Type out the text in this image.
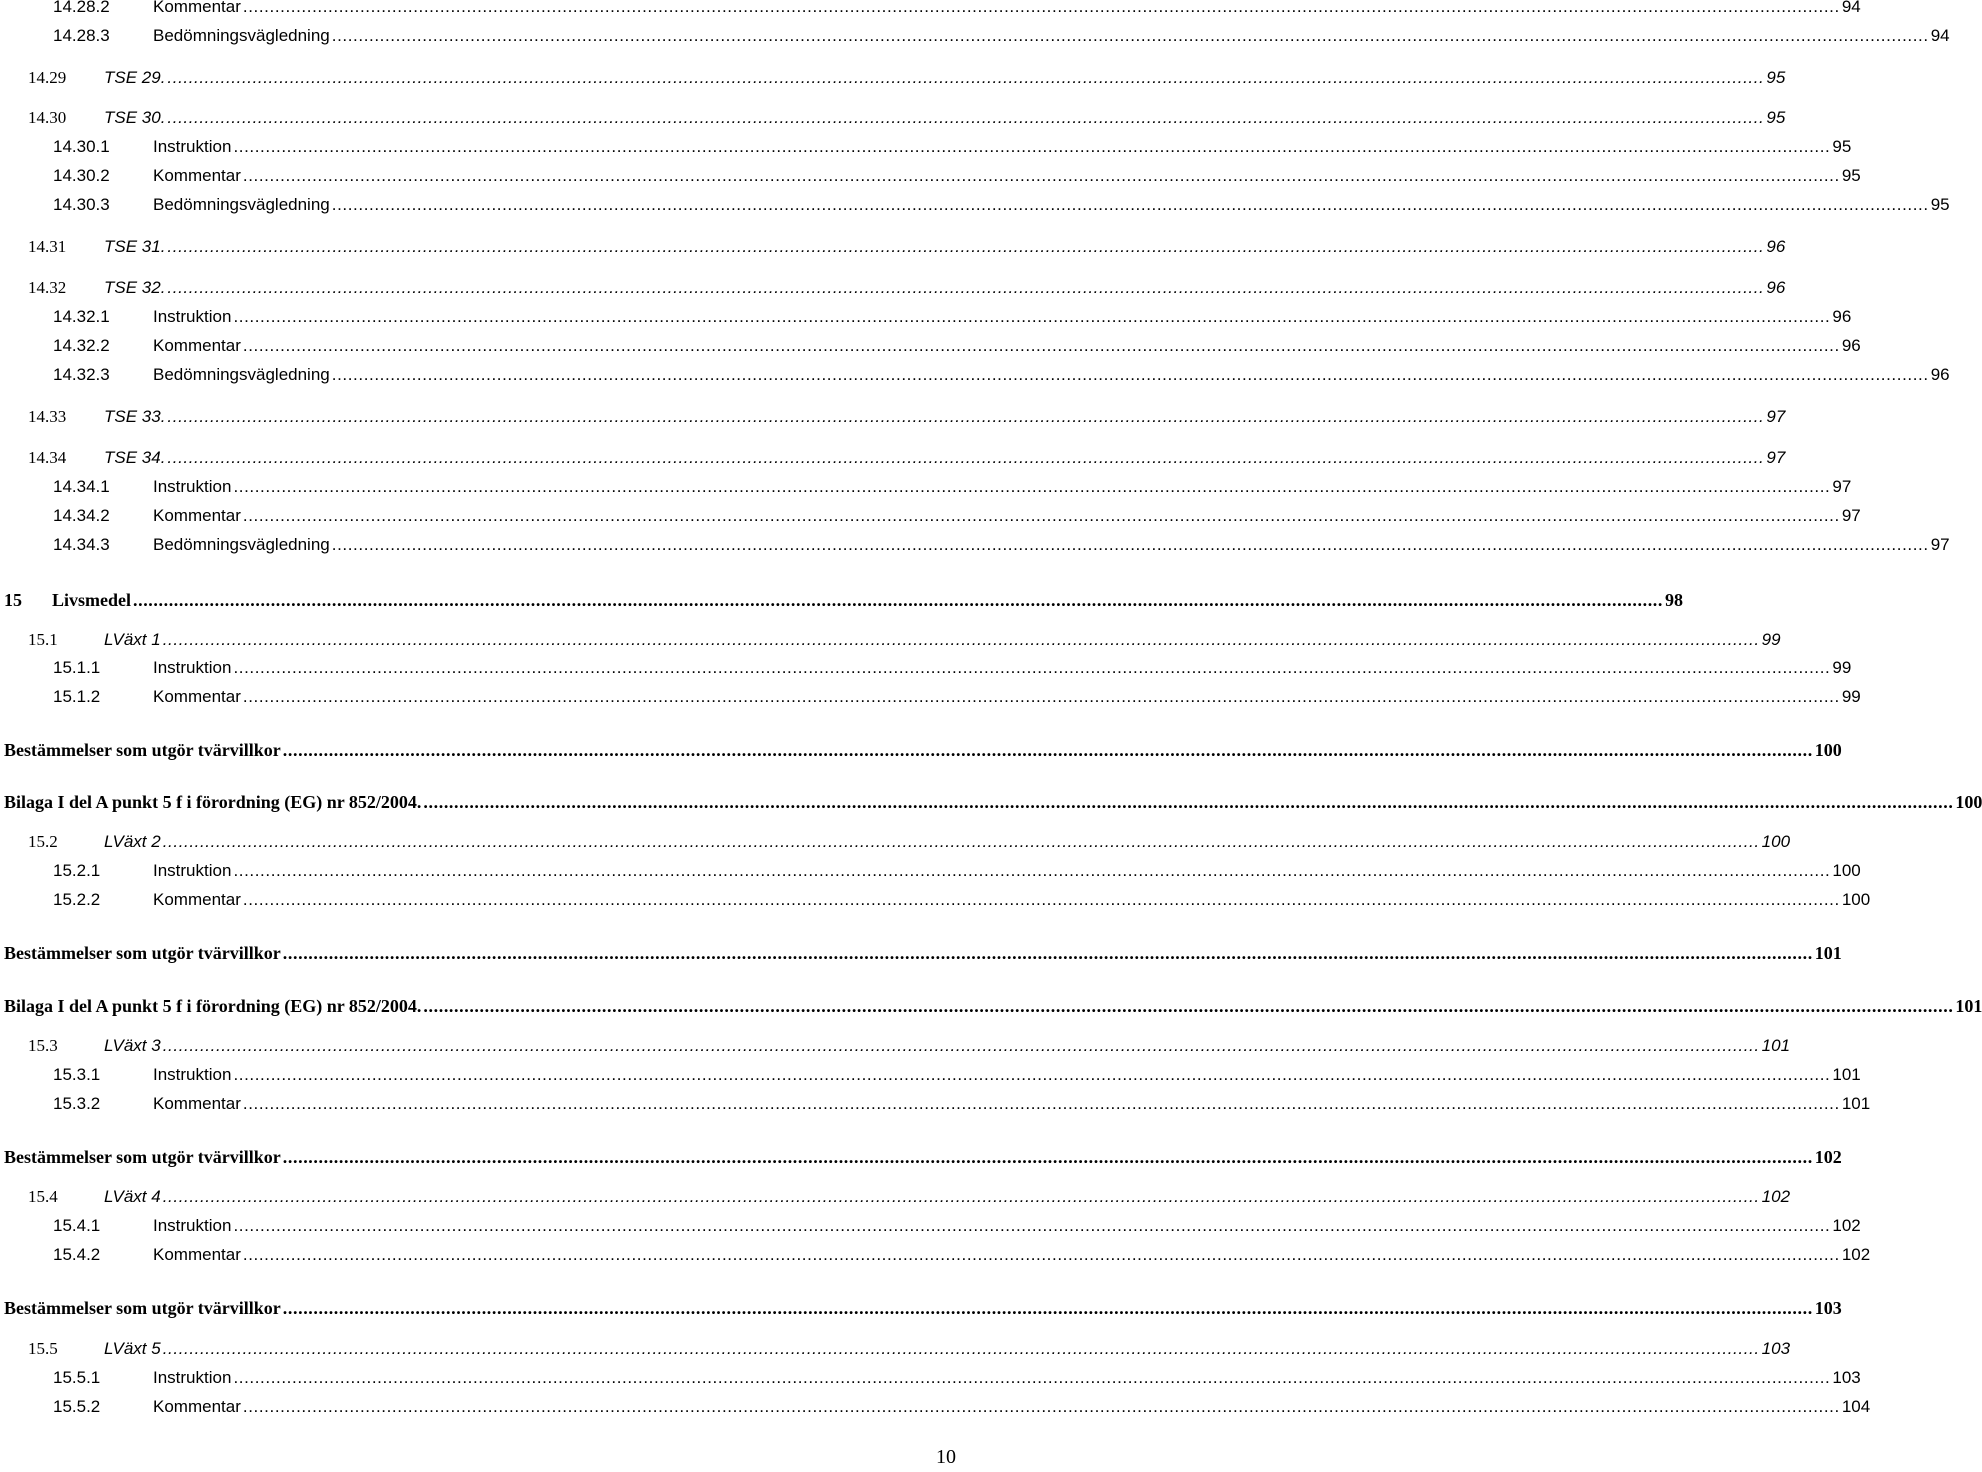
14.28.2	Kommentar ............................................................................................................................................................................................................................................................................................................ 94
14.28.3	Bedömningsvägledning ............................................................................................................................................................................................................................................................................................................ 94
14.29 TSE 29. ............................................................................................................................................................................................................................................................................................................ 95
14.30 TSE 30. ............................................................................................................................................................................................................................................................................................................ 95
14.30.1	Instruktion ............................................................................................................................................................................................................................................................................................................ 95
14.30.2	Kommentar ............................................................................................................................................................................................................................................................................................................ 95
14.30.3	Bedömningsvägledning ............................................................................................................................................................................................................................................................................................................ 95
14.31 TSE 31. ............................................................................................................................................................................................................................................................................................................ 96
14.32 TSE 32. ............................................................................................................................................................................................................................................................................................................ 96
14.32.1	Instruktion ............................................................................................................................................................................................................................................................................................................ 96
14.32.2	Kommentar ............................................................................................................................................................................................................................................................................................................ 96
14.32.3	Bedömningsvägledning ............................................................................................................................................................................................................................................................................................................ 96
14.33 TSE 33. ............................................................................................................................................................................................................................................................................................................ 97
14.34 TSE 34. ............................................................................................................................................................................................................................................................................................................ 97
14.34.1	Instruktion ............................................................................................................................................................................................................................................................................................................ 97
14.34.2	Kommentar ............................................................................................................................................................................................................................................................................................................ 97
14.34.3	Bedömningsvägledning ............................................................................................................................................................................................................................................................................................................ 97
15 Livsmedel ............................................................................................................................................................................................................................................................................................................ 98
15.1	LVäxt 1 ............................................................................................................................................................................................................................................................................................................ 99
15.1.1	Instruktion ............................................................................................................................................................................................................................................................................................................ 99
15.1.2	Kommentar ............................................................................................................................................................................................................................................................................................................ 99
Bestämmelser som utgör tvärvillkor ............................................................................................................................................................................................................................................................................................................ 100
Bilaga I del A punkt 5 f i förordning (EG) nr 852/2004. ............................................................................................................................................................................................................................................................................................................ 100
15.2	LVäxt 2 ............................................................................................................................................................................................................................................................................................................ 100
15.2.1	Instruktion ............................................................................................................................................................................................................................................................................................................ 100
15.2.2	Kommentar ............................................................................................................................................................................................................................................................................................................ 100
Bestämmelser som utgör tvärvillkor ............................................................................................................................................................................................................................................................................................................ 101
Bilaga I del A punkt 5 f i förordning (EG) nr 852/2004. ............................................................................................................................................................................................................................................................................................................ 101
15.3	LVäxt 3 ............................................................................................................................................................................................................................................................................................................ 101
15.3.1	Instruktion ............................................................................................................................................................................................................................................................................................................ 101
15.3.2	Kommentar ............................................................................................................................................................................................................................................................................................................ 101
Bestämmelser som utgör tvärvillkor ............................................................................................................................................................................................................................................................................................................ 102
15.4	LVäxt 4 ............................................................................................................................................................................................................................................................................................................ 102
15.4.1	Instruktion ............................................................................................................................................................................................................................................................................................................ 102
15.4.2	Kommentar ............................................................................................................................................................................................................................................................................................................ 102
Bestämmelser som utgör tvärvillkor ............................................................................................................................................................................................................................................................................................................ 103
15.5	LVäxt 5 ............................................................................................................................................................................................................................................................................................................ 103
15.5.1	Instruktion ............................................................................................................................................................................................................................................................................................................ 103
15.5.2	Kommentar ............................................................................................................................................................................................................................................................................................................ 104
10
